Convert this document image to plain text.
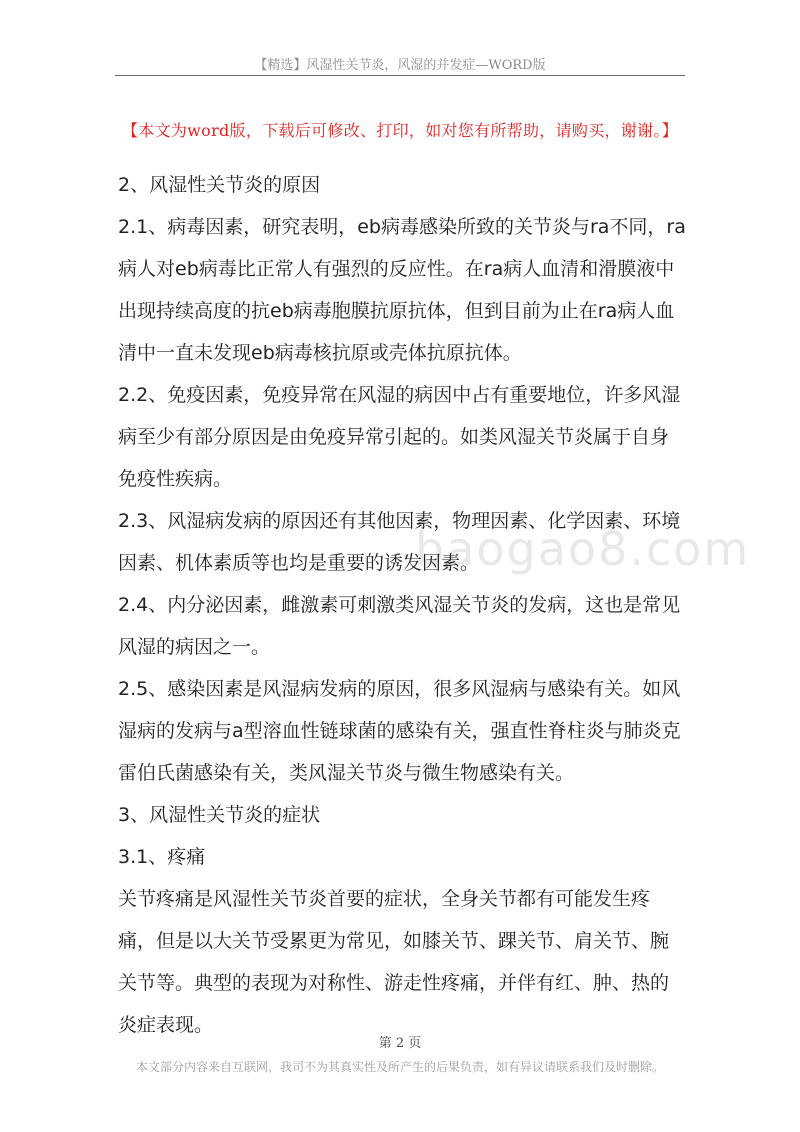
【精选】风湿性关节炎，风湿的并发症—WORD版
【本文为word版，下载后可修改、打印，如对您有所帮助，请购买，谢谢。】
baogao8.com

2、风湿性关节炎的原因

2.1、病毒因素，研究表明，eb病毒感染所致的关节炎与ra不同，ra病人对eb病毒比正常人有强烈的反应性。在ra病人血清和滑膜液中出现持续高度的抗eb病毒胞膜抗原抗体，但到目前为止在ra病人血清中一直未发现eb病毒核抗原或壳体抗原抗体。

2.2、免疫因素，免疫异常在风湿的病因中占有重要地位，许多风湿病至少有部分原因是由免疫异常引起的。如类风湿关节炎属于自身免疫性疾病。

2.3、风湿病发病的原因还有其他因素，物理因素、化学因素、环境因素、机体素质等也均是重要的诱发因素。

2.4、内分泌因素，雌激素可刺激类风湿关节炎的发病，这也是常见风湿的病因之一。

2.5、感染因素是风湿病发病的原因，很多风湿病与感染有关。如风湿病的发病与a型溶血性链球菌的感染有关，强直性脊柱炎与肺炎克雷伯氏菌感染有关，类风湿关节炎与微生物感染有关。

3、风湿性关节炎的症状

3.1、疼痛

关节疼痛是风湿性关节炎首要的症状，全身关节都有可能发生疼痛，但是以大关节受累更为常见，如膝关节、踝关节、肩关节、腕关节等。典型的表现为对称性、游走性疼痛，并伴有红、肿、热的炎症表现。

第 2 页
本文部分内容来自互联网，我司不为其真实性及所产生的后果负责，如有异议请联系我们及时删除。
